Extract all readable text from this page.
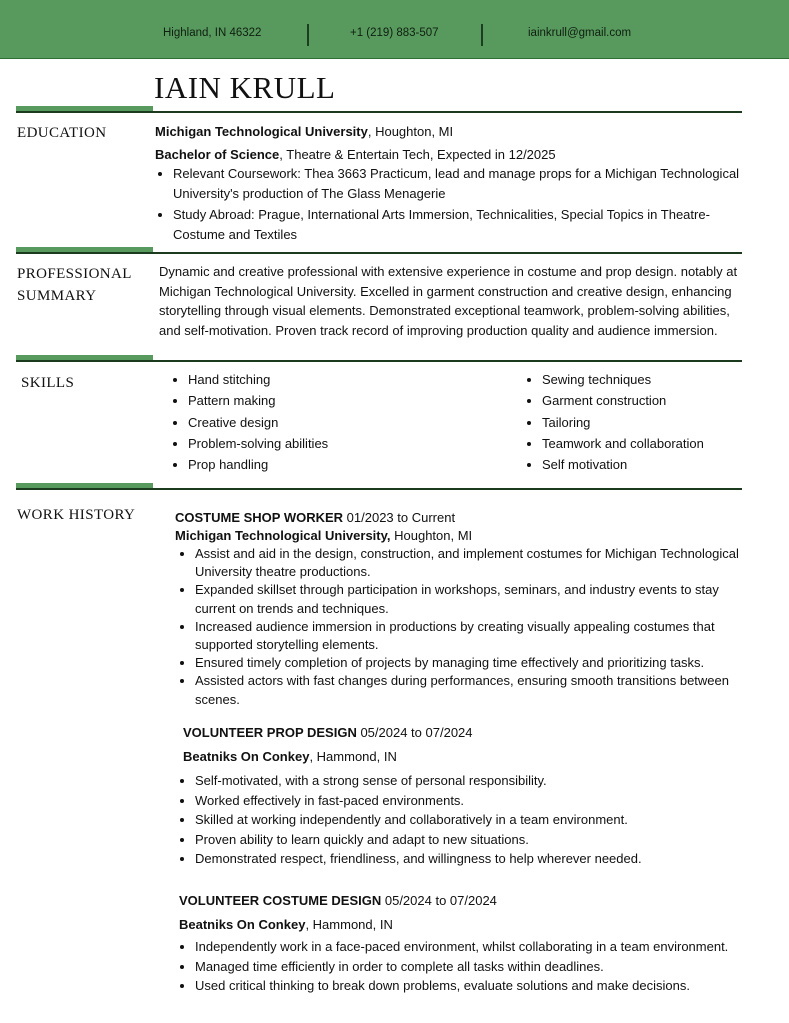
Highland, IN 46322	+1 (219) 883-507	iainkrull@gmail.com
IAIN KRULL
EDUCATION	Michigan Technological University, Houghton, MI
Bachelor of Science, Theatre & Entertain Tech, Expected in 12/2025
• Relevant Coursework: Thea 3663 Practicum, lead and manage props for a Michigan Technological University's production of The Glass Menagerie
• Study Abroad: Prague, International Arts Immersion, Technicalities, Special Topics in Theatre-Costume and Textiles
PROFESSIONAL
SUMMARY
Dynamic and creative professional with extensive experience in costume and prop design. notably at Michigan Technological University. Excelled in garment construction and creative design, enhancing storytelling through visual elements. Demonstrated exceptional teamwork, problem-solving abilities, and self-motivation. Proven track record of improving production quality and audience immersion.
SKILLS
•	Hand stitching
• Pattern making
• Creative design
• Problem-solving abilities
• Prop handling
• Sewing techniques
• Garment construction
• Tailoring
• Teamwork and collaboration
• Self motivation
WORK HISTORY	COSTUME SHOP WORKER 01/2023 to Current
Michigan Technological University, Houghton, MI
• Assist and aid in the design, construction, and implement costumes for Michigan Technological University theatre productions.
• Expanded skillset through participation in workshops, seminars, and industry events to stay current on trends and techniques.
• Increased audience immersion in productions by creating visually appealing costumes that supported storytelling elements.
• Ensured timely completion of projects by managing time effectively and prioritizing tasks.
• Assisted actors with fast changes during performances, ensuring smooth transitions between scenes.
VOLUNTEER PROP DESIGN 05/2024 to 07/2024
Beatniks On Conkey, Hammond, IN
• Self-motivated, with a strong sense of personal responsibility.
• Worked effectively in fast-paced environments.
• Skilled at working independently and collaboratively in a team environment.
• Proven ability to learn quickly and adapt to new situations.
• Demonstrated respect, friendliness, and willingness to help wherever needed.
VOLUNTEER COSTUME DESIGN 05/2024 to 07/2024
Beatniks On Conkey, Hammond, IN
• Independently work in a face-paced environment, whilst collaborating in a team environment.
• Managed time efficiently in order to complete all tasks within deadlines.
• Used critical thinking to break down problems, evaluate solutions and make decisions.
